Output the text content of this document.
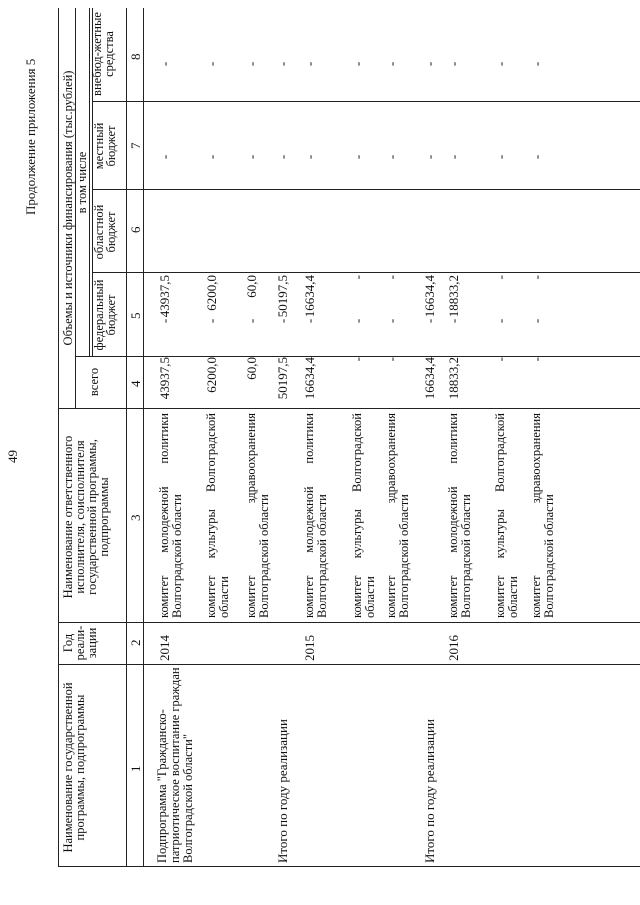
49
Продолжение приложения 5
Наименование государственной программы, подпрограммы
Год реали-зации
Наименование ответственного исполнителя, соисполнителя государственной программы, подпрограммы
Объемы и источники финансирования (тыс.рублей)
всего
в том числе
федеральный бюджет
областной бюджет
местный бюджет
внебюд-жетные средства
1
2
3
4
5
6
7
8
Подпрограмма "Гражданско-патриотическое воспитание граждан Волгоградской области"
2014
комитет молодежной политики Волгоградской области
43937,5
-
43937,5
-
-
комитет культуры Волгоградской области
6200,0
-
6200,0
-
-
комитет здравоохранения Волгоградской области
60,0
-
60,0
-
-
Итого по году реализации
50197,5
-
50197,5
-
-
2015
комитет молодежной политики Волгоградской области
16634,4
-
16634,4
-
-
комитет культуры Волгоградской области
-
-
-
-
-
комитет здравоохранения Волгоградской области
-
-
-
-
-
Итого по году реализации
16634,4
-
16634,4
-
-
2016
комитет молодежной политики Волгоградской области
18833,2
-
18833,2
-
-
комитет культуры Волгоградской области
-
-
-
-
-
комитет здравоохранения Волгоградской области
-
-
-
-
-
